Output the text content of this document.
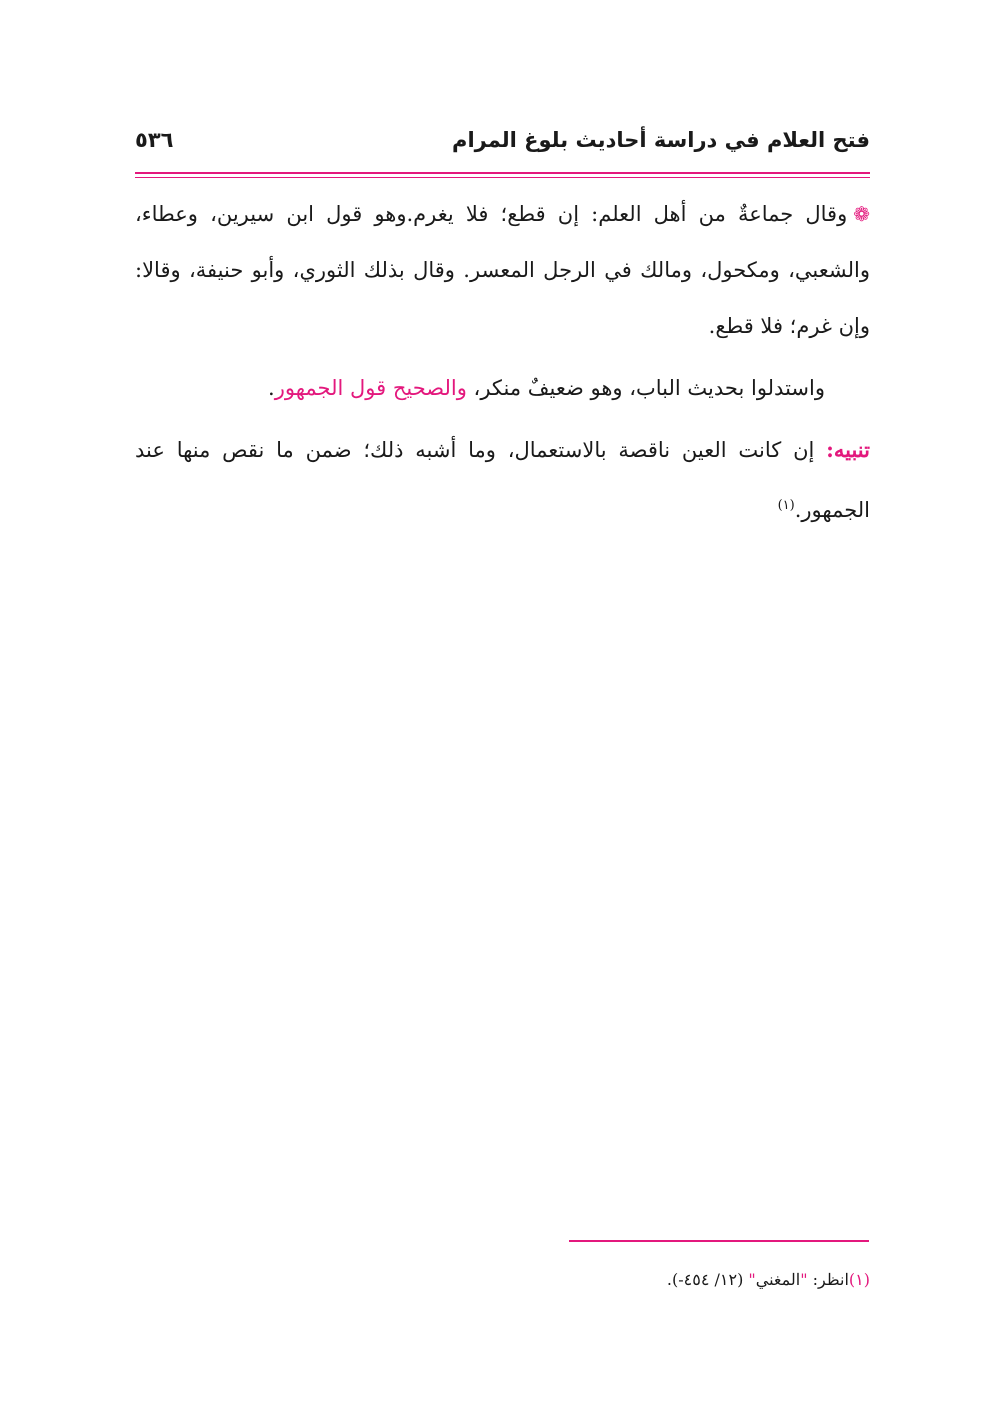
فتح العلام في دراسة أحاديث بلوغ المرام
٥٣٦

❁وقال جماعةٌ من أهل العلم: إن قطع؛ فلا يغرم.وهو قول ابن سيرين، وعطاء، والشعبي، ومكحول، ومالك في الرجل المعسر. وقال بذلك الثوري، وأبو حنيفة، وقالا: وإن غرم؛ فلا قطع.

واستدلوا بحديث الباب، وهو ضعيفٌ منكر، والصحيح قول الجمهور.

تنبيه: إن كانت العين ناقصة بالاستعمال، وما أشبه ذلك؛ ضمن ما نقص منها عند الجمهور.$^{(١)}$

(١)انظر: "المغني" (١٢/ ٤٥٤-).
